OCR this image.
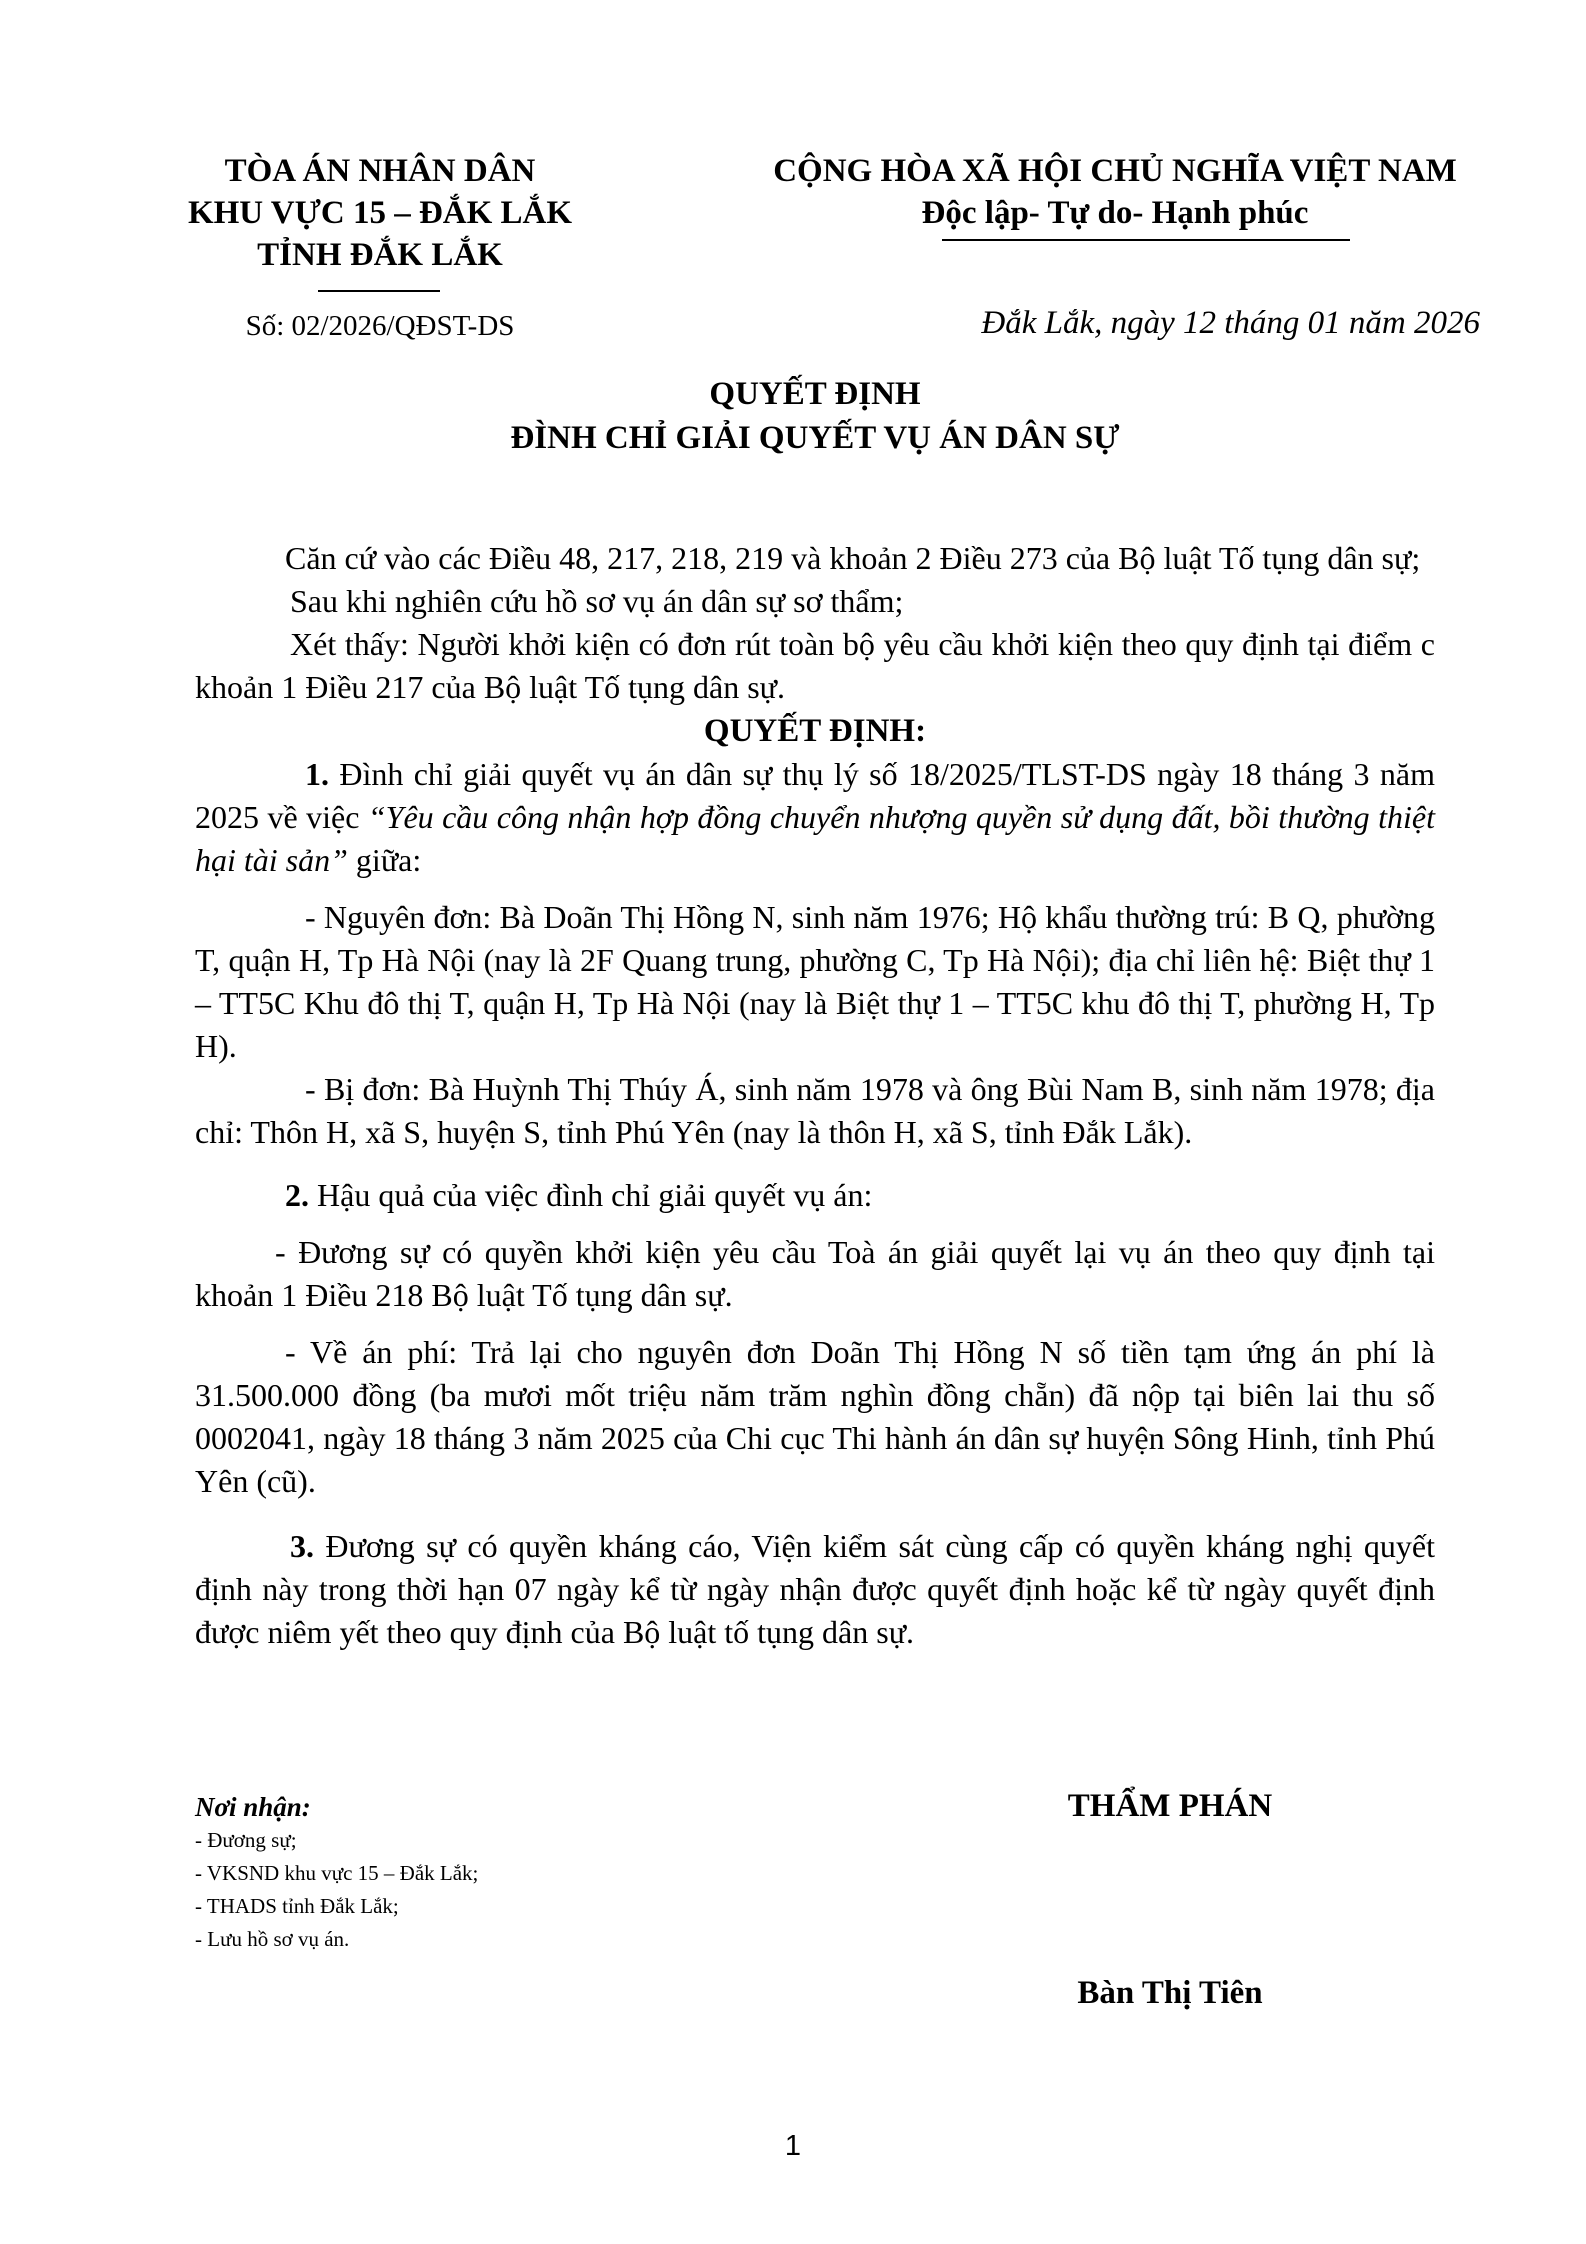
TÒA ÁN NHÂN DÂN
KHU VỰC 15 – ĐẮK LẮK
TỈNH ĐẮK LẮK
Số: 02/2026/QĐST-DS
CỘNG HÒA XÃ HỘI CHỦ NGHĨA VIỆT NAM
Độc lập- Tự do- Hạnh phúc
Đắk Lắk, ngày 12 tháng 01 năm 2026
QUYẾT ĐỊNH
ĐÌNH CHỈ GIẢI QUYẾT VỤ ÁN DÂN SỰ

Căn cứ vào các Điều 48, 217, 218, 219 và khoản 2 Điều 273 của Bộ luật Tố tụng dân sự;

Sau khi nghiên cứu hồ sơ vụ án dân sự sơ thẩm;

Xét thấy: Người khởi kiện có đơn rút toàn bộ yêu cầu khởi kiện theo quy định tại điểm c khoản 1 Điều 217 của Bộ luật Tố tụng dân sự.

QUYẾT ĐỊNH:

1. Đình chỉ giải quyết vụ án dân sự thụ lý số 18/2025/TLST-DS ngày 18 tháng 3 năm 2025 về việc “Yêu cầu công nhận hợp đồng chuyển nhượng quyền sử dụng đất, bồi thường thiệt hại tài sản” giữa:

- Nguyên đơn: Bà Doãn Thị Hồng N, sinh năm 1976; Hộ khẩu thường trú: B Q, phường T, quận H, Tp Hà Nội (nay là 2F Quang trung, phường C, Tp Hà Nội); địa chỉ liên hệ: Biệt thự 1 – TT5C Khu đô thị T, quận H, Tp Hà Nội (nay là Biệt thự 1 – TT5C khu đô thị T, phường H, Tp H).

- Bị đơn: Bà Huỳnh Thị Thúy Á, sinh năm 1978 và ông Bùi Nam B, sinh năm 1978; địa chỉ: Thôn H, xã S, huyện S, tỉnh Phú Yên (nay là thôn H, xã S, tỉnh Đắk Lắk).

2. Hậu quả của việc đình chỉ giải quyết vụ án:

- Đương sự có quyền khởi kiện yêu cầu Toà án giải quyết lại vụ án theo quy định tại khoản 1 Điều 218 Bộ luật Tố tụng dân sự.

- Về án phí: Trả lại cho nguyên đơn Doãn Thị Hồng N số tiền tạm ứng án phí là 31.500.000 đồng (ba mươi mốt triệu năm trăm nghìn đồng chẵn) đã nộp tại biên lai thu số 0002041, ngày 18 tháng 3 năm 2025 của Chi cục Thi hành án dân sự huyện Sông Hinh, tỉnh Phú Yên (cũ).

3. Đương sự có quyền kháng cáo, Viện kiểm sát cùng cấp có quyền kháng nghị quyết định này trong thời hạn 07 ngày kể từ ngày nhận được quyết định hoặc kể từ ngày quyết định được niêm yết theo quy định của Bộ luật tố tụng dân sự.

Nơi nhận:
- Đương sự;
- VKSND khu vực 15 – Đắk Lắk;
- THADS tỉnh Đắk Lắk;
- Lưu hồ sơ vụ án.
THẨM PHÁN
Bàn Thị Tiên
1
